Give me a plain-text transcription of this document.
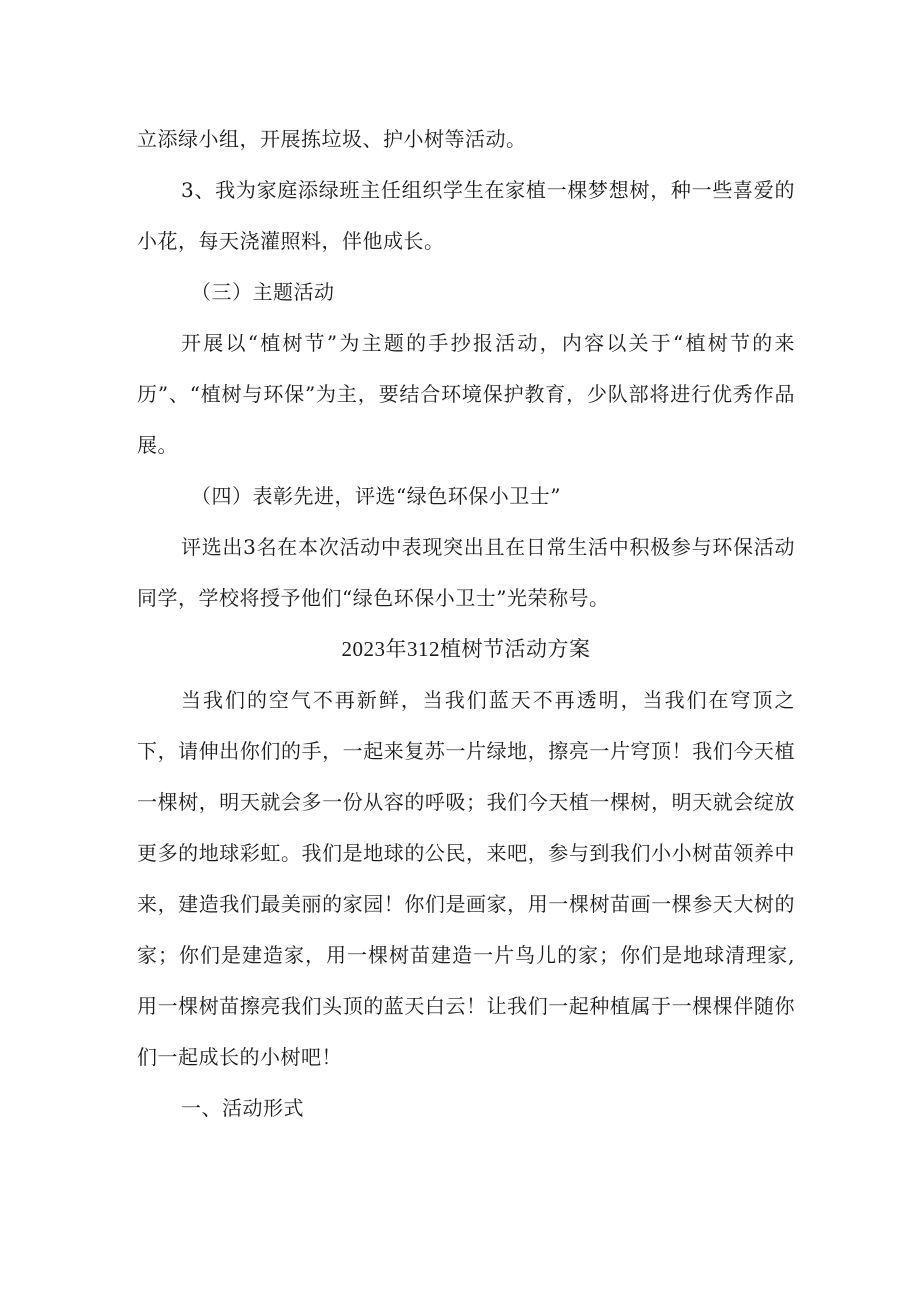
立添绿小组，开展拣垃圾、护小树等活动。

3、我为家庭添绿班主任组织学生在家植一棵梦想树，种一些喜爱的小花，每天浇灌照料，伴他成长。

（三）主题活动

开展以“植树节”为主题的手抄报活动，内容以关于“植树节的来历”、“植树与环保”为主，要结合环境保护教育，少队部将进行优秀作品展。

（四）表彰先进，评选“绿色环保小卫士”

评选出3名在本次活动中表现突出且在日常生活中积极参与环保活动同学，学校将授予他们“绿色环保小卫士”光荣称号。

2023年312植树节活动方案

当我们的空气不再新鲜，当我们蓝天不再透明，当我们在穹顶之下，请伸出你们的手，一起来复苏一片绿地，擦亮一片穹顶！我们今天植一棵树，明天就会多一份从容的呼吸；我们今天植一棵树，明天就会绽放更多的地球彩虹。我们是地球的公民，来吧，参与到我们小小树苗领养中来，建造我们最美丽的家园！你们是画家，用一棵树苗画一棵参天大树的家；你们是建造家，用一棵树苗建造一片鸟儿的家；你们是地球清理家,用一棵树苗擦亮我们头顶的蓝天白云！让我们一起种植属于一棵棵伴随你们一起成长的小树吧！

一、活动形式
